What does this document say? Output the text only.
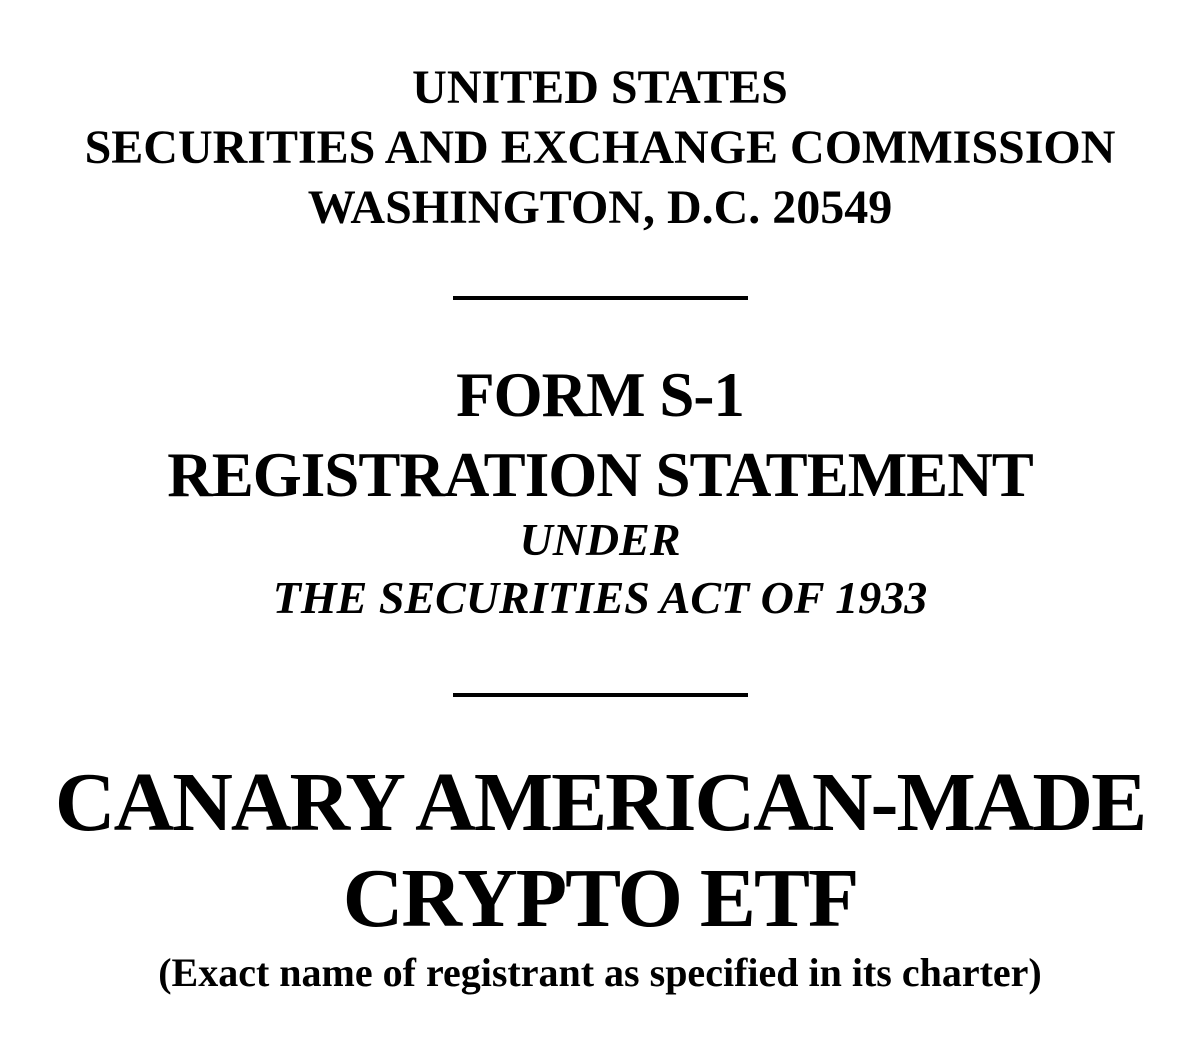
UNITED STATES
SECURITIES AND EXCHANGE COMMISSION
WASHINGTON, D.C. 20549
FORM S-1
REGISTRATION STATEMENT
UNDER
THE SECURITIES ACT OF 1933
CANARY AMERICAN-MADE
CRYPTO ETF
(Exact name of registrant as specified in its charter)
